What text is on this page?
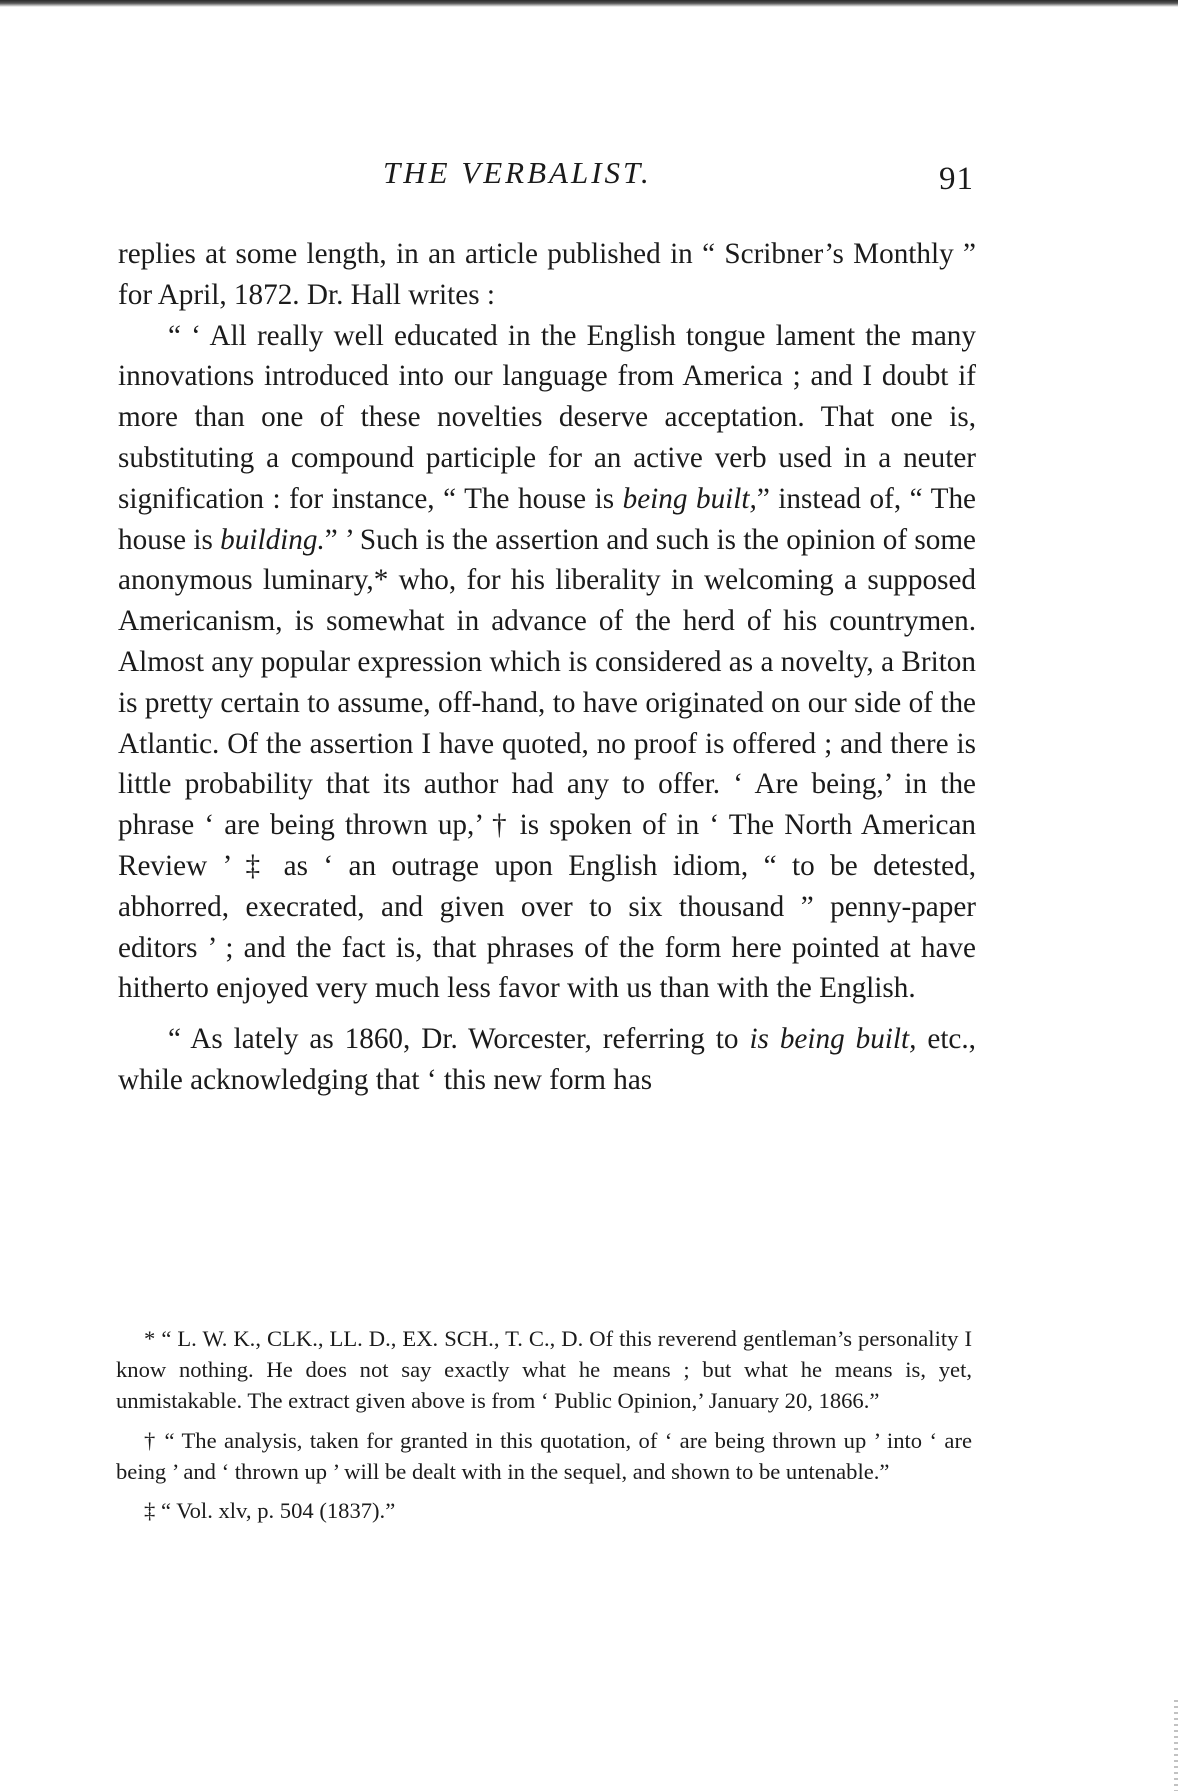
THE VERBALIST.	91

replies at some length, in an article published in “ Scribner’s Monthly ” for April, 1872. Dr. Hall writes :

“ ‘ All really well educated in the English tongue lament the many innovations introduced into our language from America ; and I doubt if more than one of these novelties deserve acceptation. That one is, substituting a compound participle for an active verb used in a neuter signification : for instance, “ The house is being built,” instead of, “ The house is building.” ’ Such is the assertion and such is the opinion of some anonymous luminary,* who, for his liberality in welcoming a supposed Americanism, is somewhat in advance of the herd of his countrymen. Almost any popular expression which is considered as a novelty, a Briton is pretty certain to assume, off-hand, to have originated on our side of the Atlantic. Of the assertion I have quoted, no proof is offered ; and there is little probability that its author had any to offer. ‘ Are being,’ in the phrase ‘ are being thrown up,’ † is spoken of in ‘ The North American Review ’ ‡ as ‘ an outrage upon English idiom, “ to be detested, abhorred, execrated, and given over to six thousand ” penny-paper editors ’ ; and the fact is, that phrases of the form here pointed at have hitherto enjoyed very much less favor with us than with the English.

“ As lately as 1860, Dr. Worcester, referring to is being built, etc., while acknowledging that ‘ this new form has

* “ L. W. K., CLK., LL. D., EX. SCH., T. C., D. Of this reverend gentleman’s personality I know nothing. He does not say exactly what he means ; but what he means is, yet, unmistakable. The extract given above is from ‘ Public Opinion,’ January 20, 1866.”

† “ The analysis, taken for granted in this quotation, of ‘ are being thrown up ’ into ‘ are being ’ and ‘ thrown up ’ will be dealt with in the sequel, and shown to be untenable.”

‡ “ Vol. xlv, p. 504 (1837).”
